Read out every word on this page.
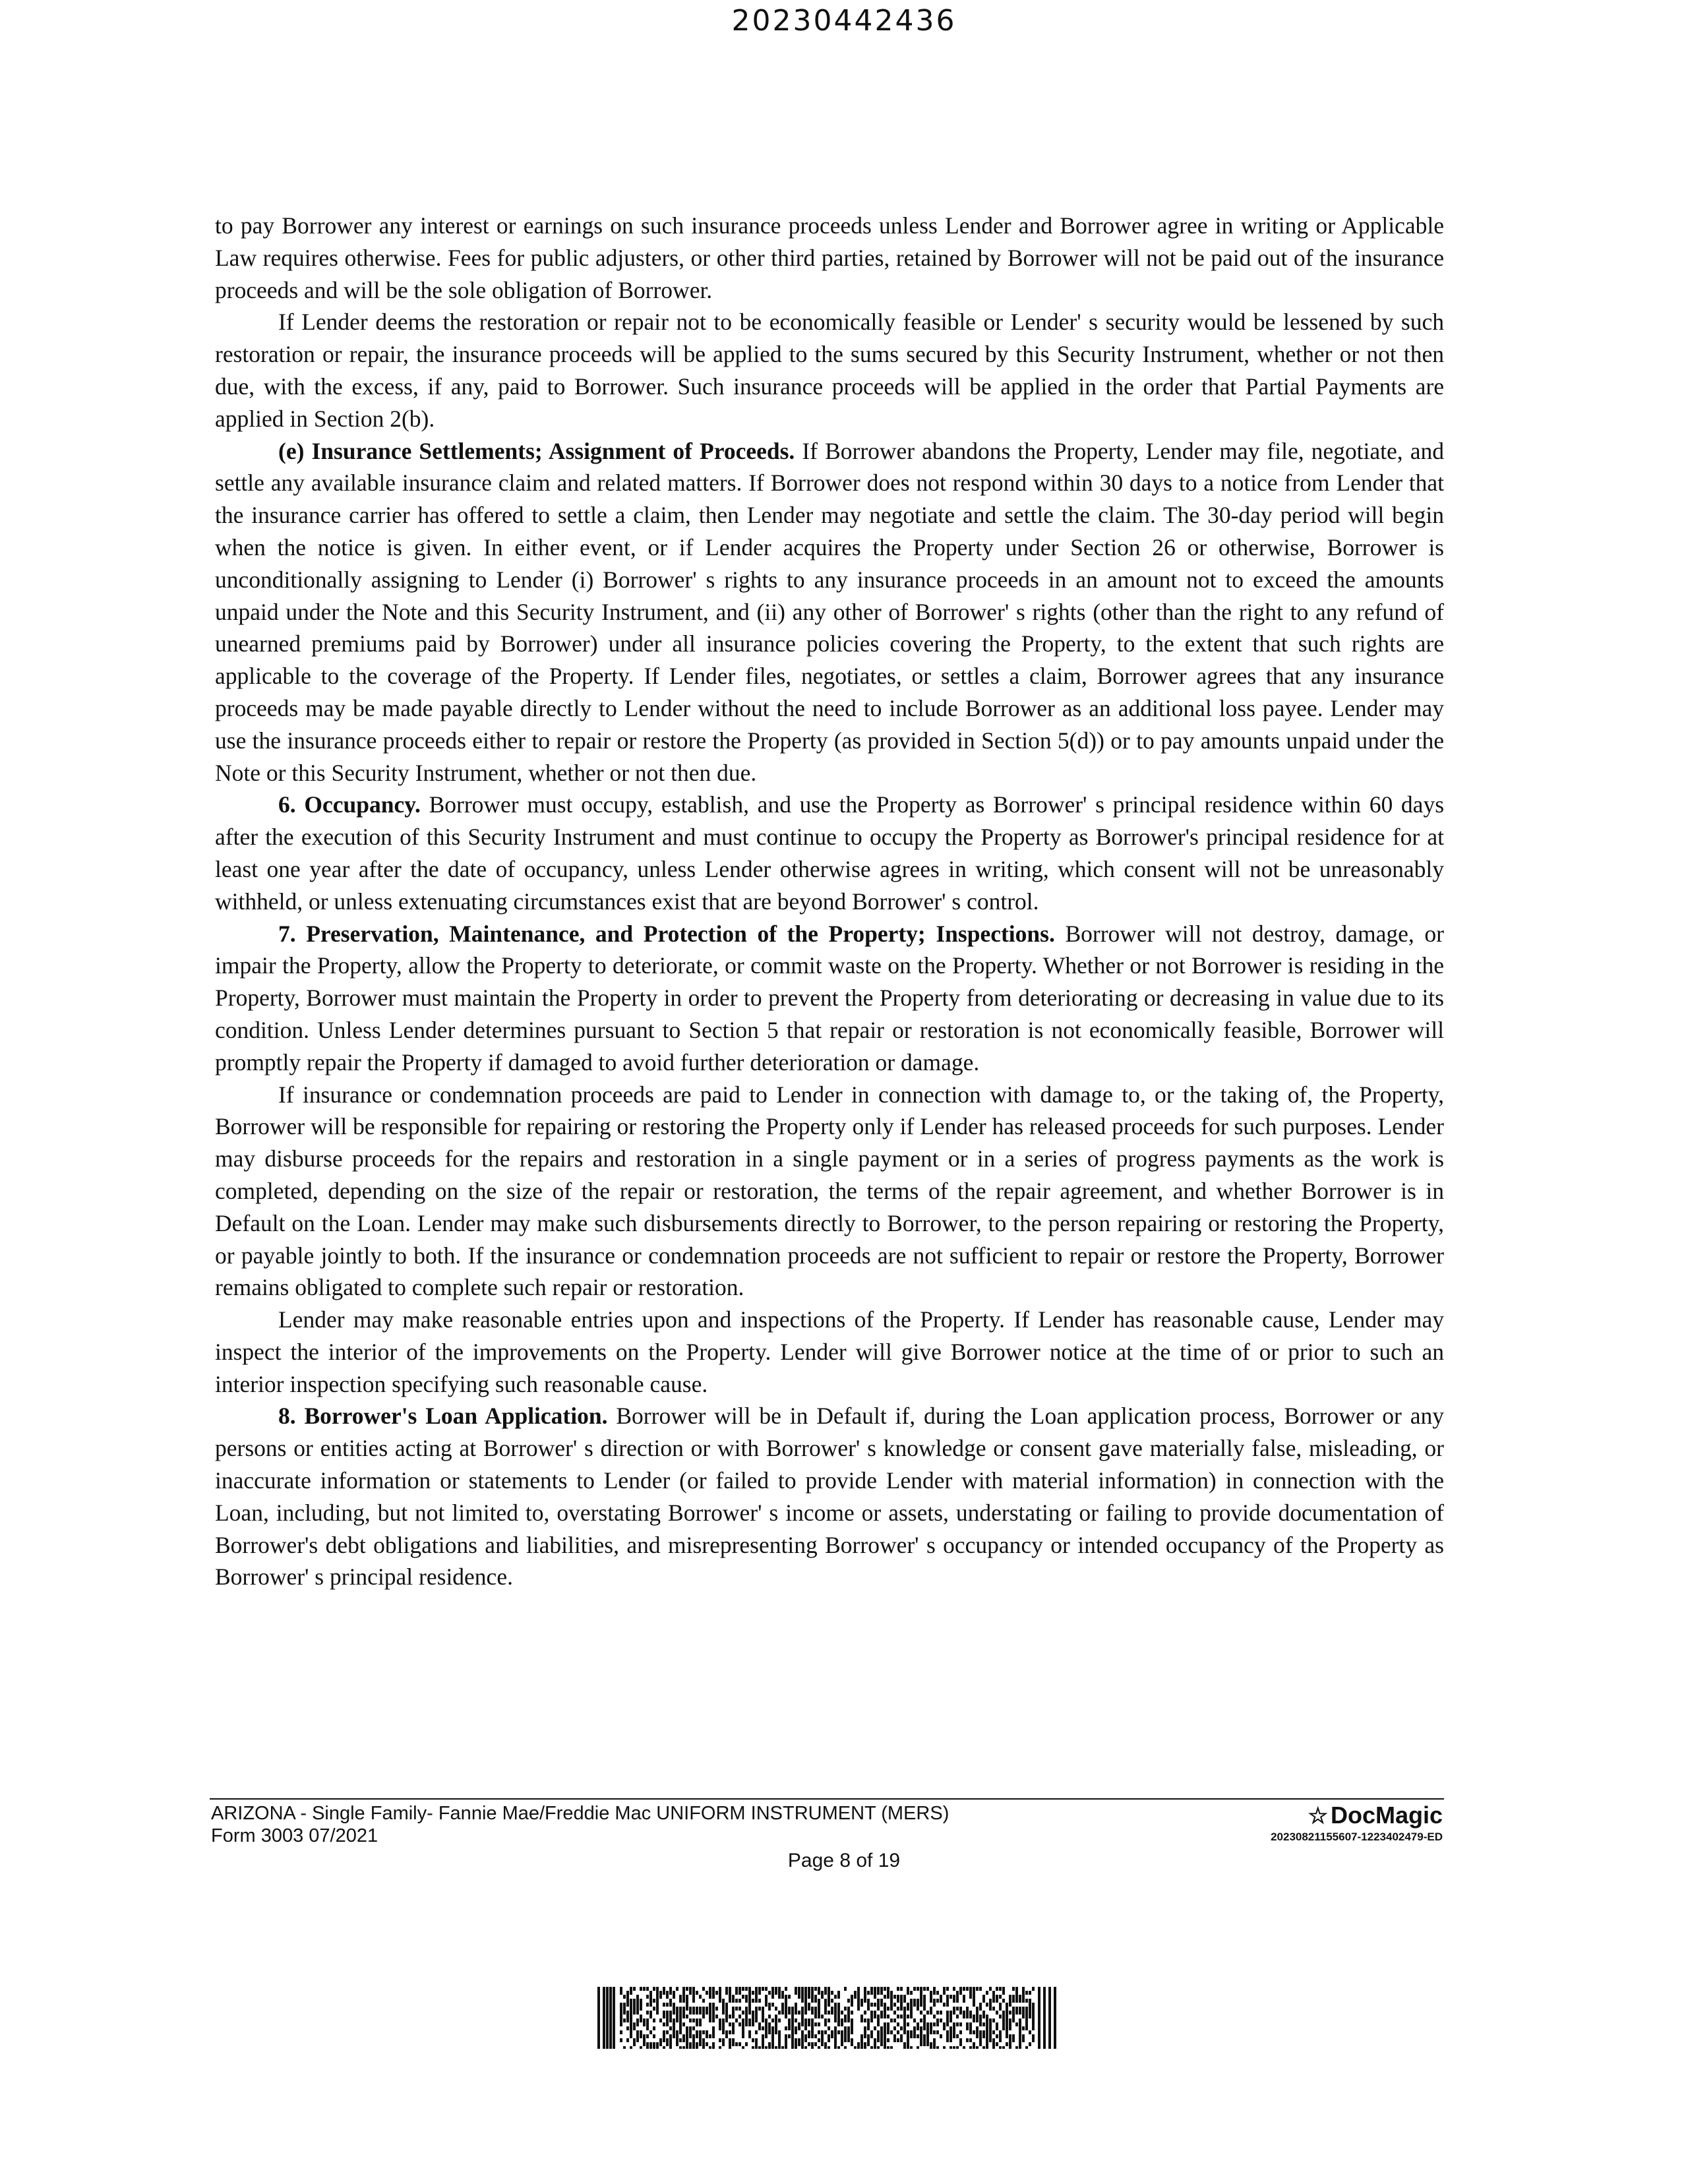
20230442436

to pay Borrower any interest or earnings on such insurance proceeds unless Lender and Borrower agree in writing or Applicable Law requires otherwise. Fees for public adjusters, or other third parties, retained by Borrower will not be paid out of the insurance proceeds and will be the sole obligation of Borrower.

If Lender deems the restoration or repair not to be economically feasible or Lender' s security would be lessened by such restoration or repair, the insurance proceeds will be applied to the sums secured by this Security Instrument, whether or not then due, with the excess, if any, paid to Borrower. Such insurance proceeds will be applied in the order that Partial Payments are applied in Section 2(b).

(e) Insurance Settlements; Assignment of Proceeds. If Borrower abandons the Property, Lender may file, negotiate, and settle any available insurance claim and related matters. If Borrower does not respond within 30 days to a notice from Lender that the insurance carrier has offered to settle a claim, then Lender may negotiate and settle the claim. The 30-day period will begin when the notice is given. In either event, or if Lender acquires the Property under Section 26 or otherwise, Borrower is unconditionally assigning to Lender (i) Borrower' s rights to any insurance proceeds in an amount not to exceed the amounts unpaid under the Note and this Security Instrument, and (ii) any other of Borrower' s rights (other than the right to any refund of unearned premiums paid by Borrower) under all insurance policies covering the Property, to the extent that such rights are applicable to the coverage of the Property. If Lender files, negotiates, or settles a claim, Borrower agrees that any insurance proceeds may be made payable directly to Lender without the need to include Borrower as an additional loss payee. Lender may use the insurance proceeds either to repair or restore the Property (as provided in Section 5(d)) or to pay amounts unpaid under the Note or this Security Instrument, whether or not then due.

6. Occupancy. Borrower must occupy, establish, and use the Property as Borrower' s principal residence within 60 days after the execution of this Security Instrument and must continue to occupy the Property as Borrower's principal residence for at least one year after the date of occupancy, unless Lender otherwise agrees in writing, which consent will not be unreasonably withheld, or unless extenuating circumstances exist that are beyond Borrower' s control.

7. Preservation, Maintenance, and Protection of the Property; Inspections. Borrower will not destroy, damage, or impair the Property, allow the Property to deteriorate, or commit waste on the Property. Whether or not Borrower is residing in the Property, Borrower must maintain the Property in order to prevent the Property from deteriorating or decreasing in value due to its condition. Unless Lender determines pursuant to Section 5 that repair or restoration is not economically feasible, Borrower will promptly repair the Property if damaged to avoid further deterioration or damage.

If insurance or condemnation proceeds are paid to Lender in connection with damage to, or the taking of, the Property, Borrower will be responsible for repairing or restoring the Property only if Lender has released proceeds for such purposes. Lender may disburse proceeds for the repairs and restoration in a single payment or in a series of progress payments as the work is completed, depending on the size of the repair or restoration, the terms of the repair agreement, and whether Borrower is in Default on the Loan. Lender may make such disbursements directly to Borrower, to the person repairing or restoring the Property, or payable jointly to both. If the insurance or condemnation proceeds are not sufficient to repair or restore the Property, Borrower remains obligated to complete such repair or restoration.

Lender may make reasonable entries upon and inspections of the Property. If Lender has reasonable cause, Lender may inspect the interior of the improvements on the Property. Lender will give Borrower notice at the time of or prior to such an interior inspection specifying such reasonable cause.

8. Borrower's Loan Application. Borrower will be in Default if, during the Loan application process, Borrower or any persons or entities acting at Borrower' s direction or with Borrower' s knowledge or consent gave materially false, misleading, or inaccurate information or statements to Lender (or failed to provide Lender with material information) in connection with the Loan, including, but not limited to, overstating Borrower' s income or assets, understating or failing to provide documentation of Borrower's debt obligations and liabilities, and misrepresenting Borrower' s occupancy or intended occupancy of the Property as Borrower' s principal residence.

ARIZONA - Single Family- Fannie Mae/Freddie Mac UNIFORM INSTRUMENT (MERS)
Form 3003 07/2021
Page 8 of 19
☆ DocMagic
20230821155607-1223402479-ED
